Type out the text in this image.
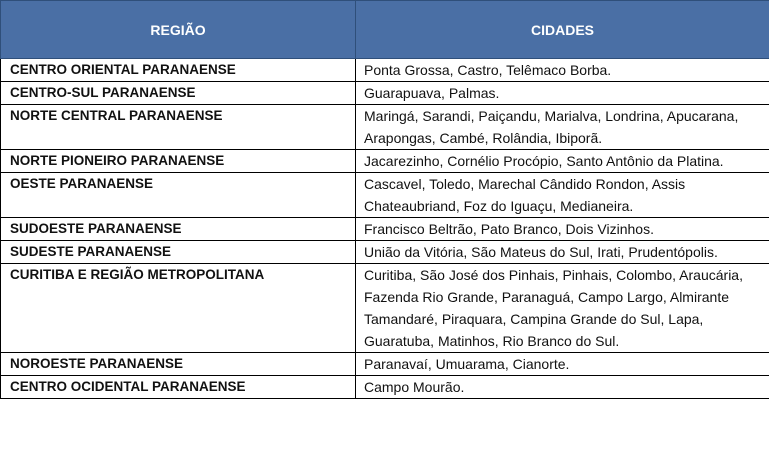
REGIÃO	CIDADES
CENTRO ORIENTAL PARANAENSE	Ponta Grossa, Castro, Telêmaco Borba.
CENTRO-SUL PARANAENSE	Guarapuava, Palmas.
NORTE CENTRAL PARANAENSE	Maringá, Sarandi, Paiçandu, Marialva, Londrina, Apucarana, Arapongas, Cambé, Rolândia, Ibiporã.
NORTE PIONEIRO PARANAENSE	Jacarezinho, Cornélio Procópio, Santo Antônio da Platina.
OESTE PARANAENSE	Cascavel, Toledo, Marechal Cândido Rondon, Assis Chateaubriand, Foz do Iguaçu, Medianeira.
SUDOESTE PARANAENSE	Francisco Beltrão, Pato Branco, Dois Vizinhos.
SUDESTE PARANAENSE	União da Vitória, São Mateus do Sul, Irati, Prudentópolis.
CURITIBA E REGIÃO METROPOLITANA	Curitiba, São José dos Pinhais, Pinhais, Colombo, Araucária, Fazenda Rio Grande, Paranaguá, Campo Largo, Almirante Tamandaré, Piraquara, Campina Grande do Sul, Lapa, Guaratuba, Matinhos, Rio Branco do Sul.
NOROESTE PARANAENSE	Paranavaí, Umuarama, Cianorte.
CENTRO OCIDENTAL PARANAENSE	Campo Mourão.
